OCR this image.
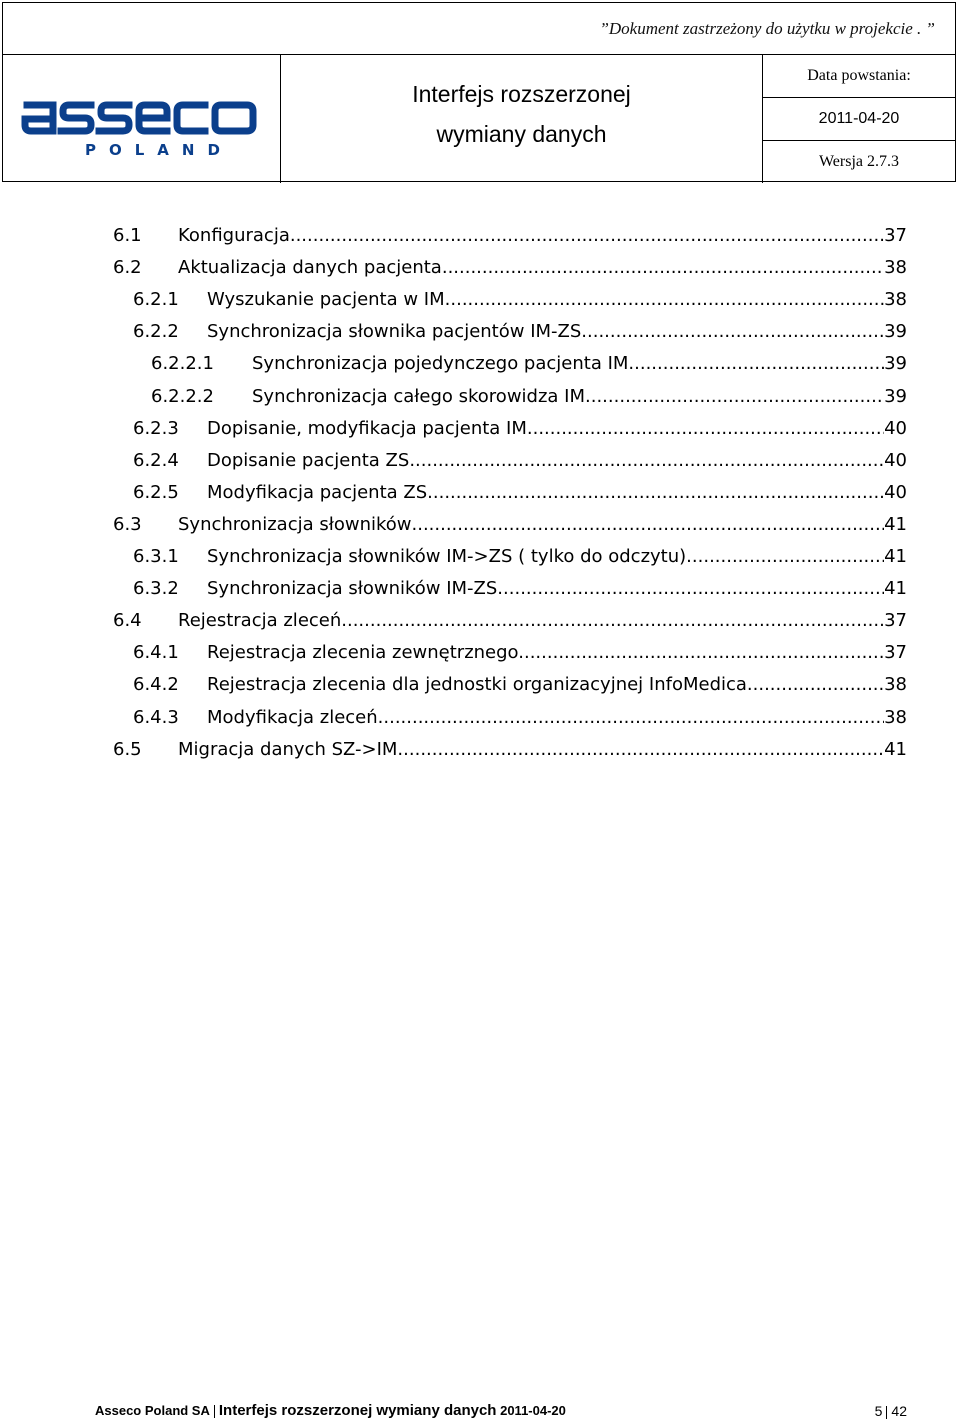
”Dokument zastrzeżony do użytku w projekcie . ”
POLAND
Interfejs rozszerzonej
wymiany danych
Data powstania:
2011-04-20
Wersja 2.7.3
6.1	Konfiguracja .....	37
6.2	Aktualizacja danych pacjenta. .....	38
6.2.1	Wyszukanie pacjenta w IM. .....	38
6.2.2	Synchronizacja słownika pacjentów IM-ZS. .....	39
6.2.2.1	Synchronizacja pojedynczego pacjenta IM. .....	39
6.2.2.2	Synchronizacja całego skorowidza IM. .....	39
6.2.3	Dopisanie, modyfikacja pacjenta IM. .....	40
6.2.4	Dopisanie pacjenta ZS. .....	40
6.2.5	Modyfikacja pacjenta ZS. .....	40
6.3	Synchronizacja słowników .....	41
6.3.1	Synchronizacja słowników IM->ZS ( tylko do odczytu). .....	41
6.3.2	Synchronizacja słowników IM-ZS. .....	41
6.4	Rejestracja zleceń .....	37
6.4.1	Rejestracja zlecenia zewnętrznego. .....	37
6.4.2	Rejestracja zlecenia dla jednostki organizacyjnej InfoMedica .....	38
6.4.3	Modyfikacja zleceń. .....	38
6.5	Migracja danych SZ->IM. .....	41
Asseco Poland SA Interfejs rozszerzonej wymiany danych 2011-04-20	5 42
